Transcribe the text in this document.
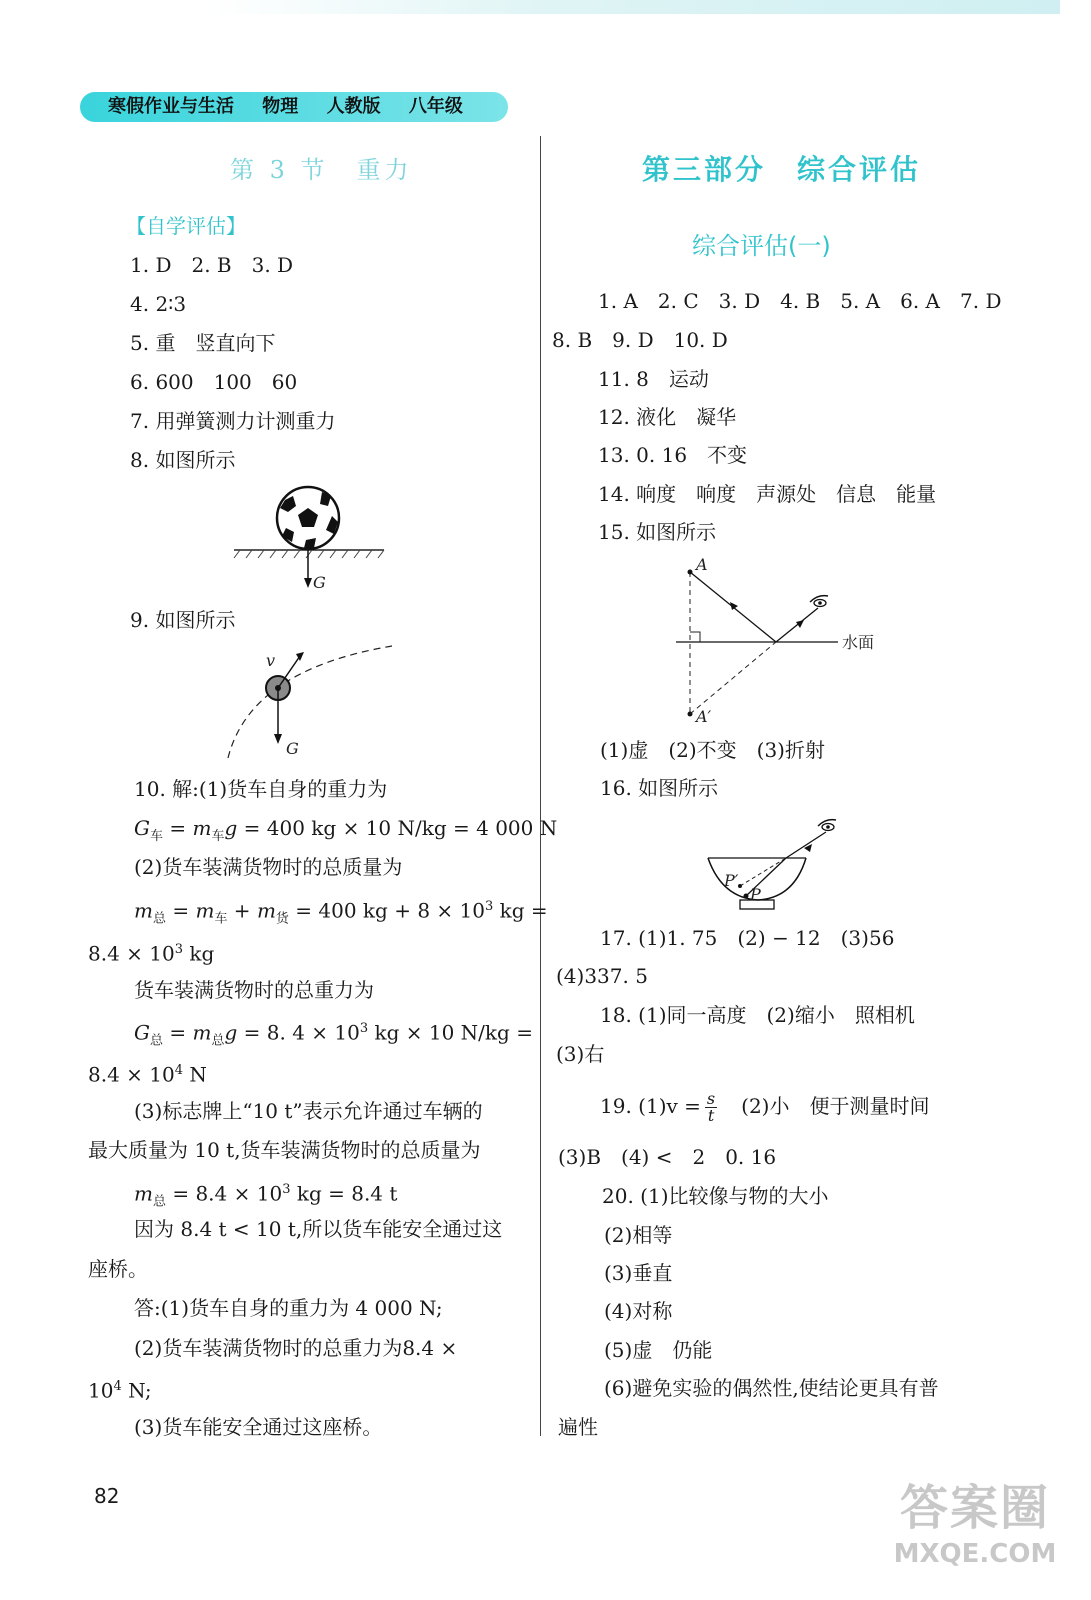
寒假作业与生活 物理 人教版 八年级
第 3 节　重力
【自学评估】
1. D　2. B　3. D
4. 2∶3
5. 重　竖直向下
6. 600　100　60
7. 用弹簧测力计测重力
8. 如图所示
G
9. 如图所示
v
G
10. 解:(1)货车自身的重力为
$G_车 = m_车g = 400$ kg × 10 N/kg = 4 000 N
(2)货车装满货物时的总质量为
$m_总 = m_车 + m_货 = 400$ kg + $8 \times 10^3$ kg =
$8.4 \times 10^3$ kg
货车装满货物时的总重力为
$G_总 = m_总g = 8$. $4 \times 10^3$ kg × 10 N/kg =
$8.4 \times 10^4$ N
(3)标志牌上“10 t”表示允许通过车辆的
最大质量为 10 t,货车装满货物时的总质量为
$m_总 = 8.4 \times 10^3$ kg = 8.4 t
因为 8.4 t < 10 t,所以货车能安全通过这
座桥。
答:(1)货车自身的重力为 4 000 N;
(2)货车装满货物时的总重力为8.4 ×
$10^4$ N;
(3)货车能安全通过这座桥。
第三部分　综合评估
综合评估(一)
1. A　2. C　3. D　4. B　5. A　6. A　7. D
8. B　9. D　10. D
11. 8　运动
12. 液化　凝华
13. 0. 16　不变
14. 响度　响度　声源处　信息　能量
15. 如图所示
水面
A
A′
(1)虚　(2)不变　(3)折射
16. 如图所示
P′
P
17. (1)1. 75　(2) − 12　(3)56
(4)337. 5
18. (1)同一高度　(2)缩小　照相机
(3)右
19. $(1)v = \frac{s}{t}$
　 (2)小　便于测量时间
(3)B　(4) <　2　0. 16
20. (1)比较像与物的大小
(2)相等
(3)垂直
(4)对称
(5)虚　仍能
(6)避免实验的偶然性,使结论更具有普
遍性
82	答案圈
MXQE.COM
